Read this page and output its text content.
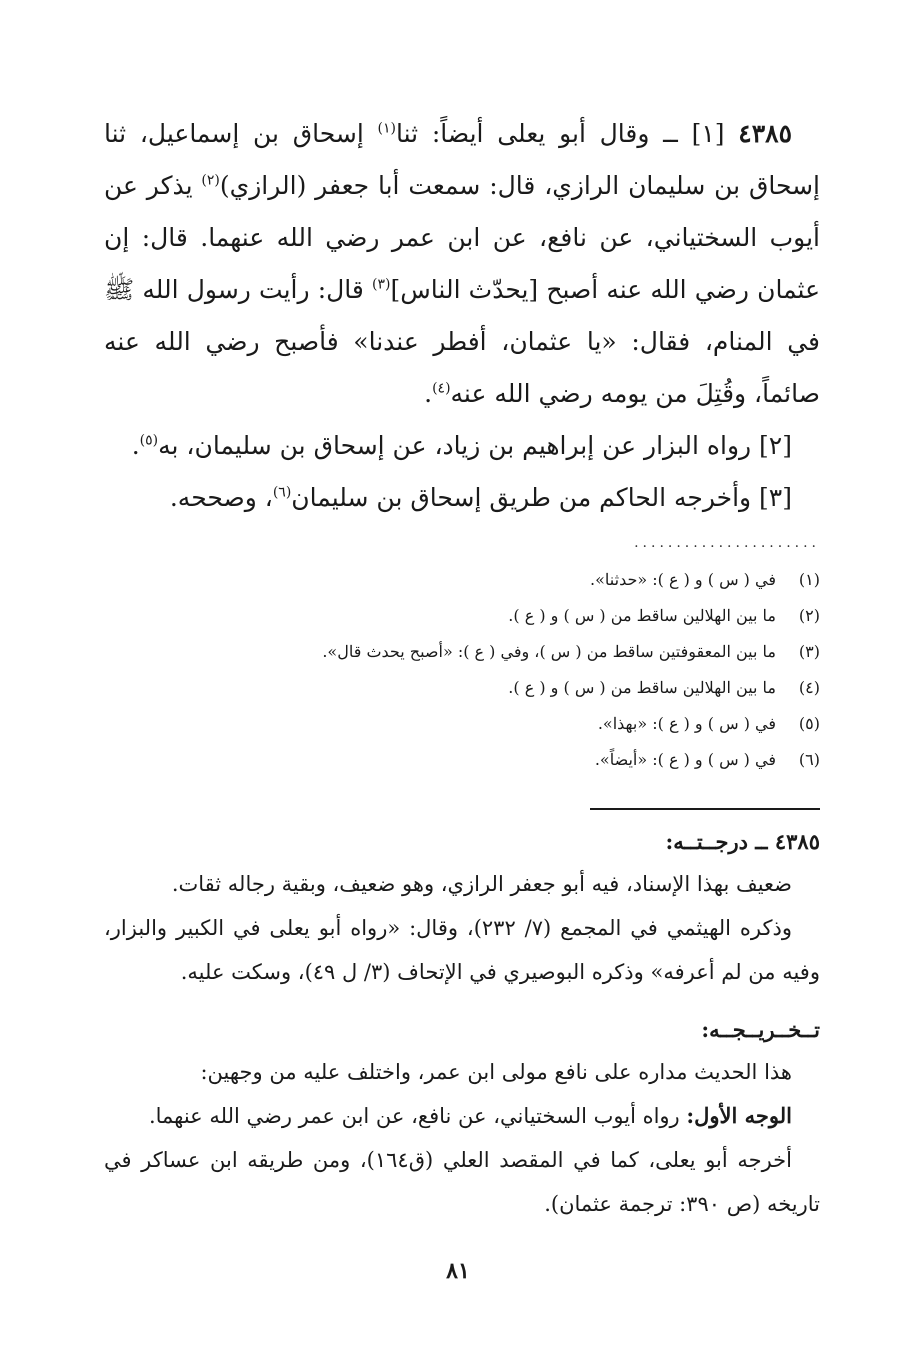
٤٣٨٥ [١] ــ وقال أبو يعلى أيضاً: ثنا$^{(١)}$ إسحاق بن إسماعيل، ثنا إسحاق بن سليمان الرازي، قال: سمعت أبا جعفر (الرازي)$^{(٢)}$ يذكر عن أيوب السختياني، عن نافع، عن ابن عمر رضي الله عنهما. قال: إن عثمان رضي الله عنه أصبح [يحدّث الناس]$^{(٣)}$ قال: رأيت رسول الله ﷺ في المنام، فقال: «يا عثمان، أفطر عندنا» فأصبح رضي الله عنه صائماً، وقُتِلَ من يومه رضي الله عنه$^{(٤)}$.

[٢] رواه البزار عن إبراهيم بن زياد، عن إسحاق بن سليمان، به$^{(٥)}$.

[٣] وأخرجه الحاكم من طريق إسحاق بن سليمان$^{(٦)}$، وصححه.

......................

(١)في ( س ) و ( ع ): «حدثنا».

(٢)ما بين الهلالين ساقط من ( س ) و ( ع ).

(٣)ما بين المعقوفتين ساقط من ( س )، وفي ( ع ): «أصبح يحدث قال».

(٤)ما بين الهلالين ساقط من ( س ) و ( ع ).

(٥)في ( س ) و ( ع ): «بهذا».

(٦)في ( س ) و ( ع ): «أيضاً».

٤٣٨٥ ــ درجــتــه:

ضعيف بهذا الإسناد، فيه أبو جعفر الرازي، وهو ضعيف، وبقية رجاله ثقات.

وذكره الهيثمي في المجمع (٧/ ٢٣٢)، وقال: «رواه أبو يعلى في الكبير والبزار، وفيه من لم أعرفه» وذكره البوصيري في الإتحاف (٣/ ل ٤٩)، وسكت عليه.

تــخــريــجــه:

هذا الحديث مداره على نافع مولى ابن عمر، واختلف عليه من وجهين:

الوجه الأول: رواه أيوب السختياني، عن نافع، عن ابن عمر رضي الله عنهما.

أخرجه أبو يعلى، كما في المقصد العلي (ق١٦٤)، ومن طريقه ابن عساكر في تاريخه (ص ٣٩٠: ترجمة عثمان).

٨١
